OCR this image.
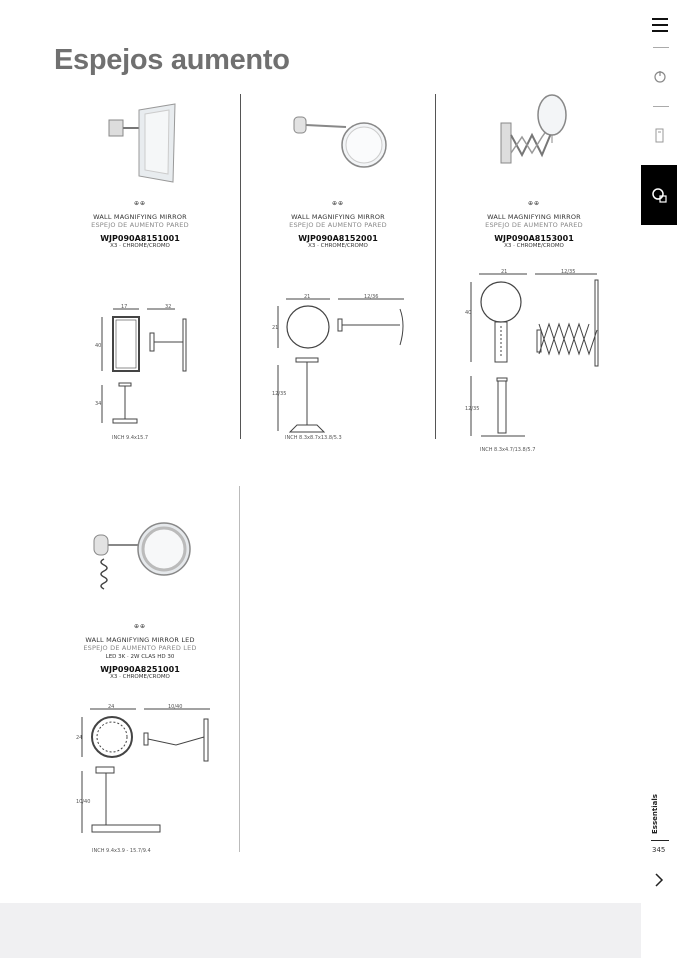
Espejos aumento
⊕⊕
WALL MAGNIFYING MIRROR
ESPEJO DE AUMENTO PARED
WJP090A8151001
X3 · CHROME/CROMO
17	32
40
34
INCH 9.4x15.7
⊕⊕
WALL MAGNIFYING MIRROR
ESPEJO DE AUMENTO PARED
WJP090A8152001
X3 · CHROME/CROMO
21	12/36
21
12/35
INCH 8.3x8.7x13.8/5.3
⊕⊕
WALL MAGNIFYING MIRROR
ESPEJO DE AUMENTO PARED
WJP090A8153001
X3 · CHROME/CROMO
21	12/35
40
12/35
INCH 8.3x4.7/13.8/5.7
⊕⊕
WALL MAGNIFYING MIRROR LED
ESPEJO DE AUMENTO PARED LED
LED 3K · 2W CLAS HD 30
WJP090A8251001
X3 · CHROME/CROMO
24	10/40
24
10/40
INCH 9.4x3.9 - 15.7/9.4
Essentials
345
